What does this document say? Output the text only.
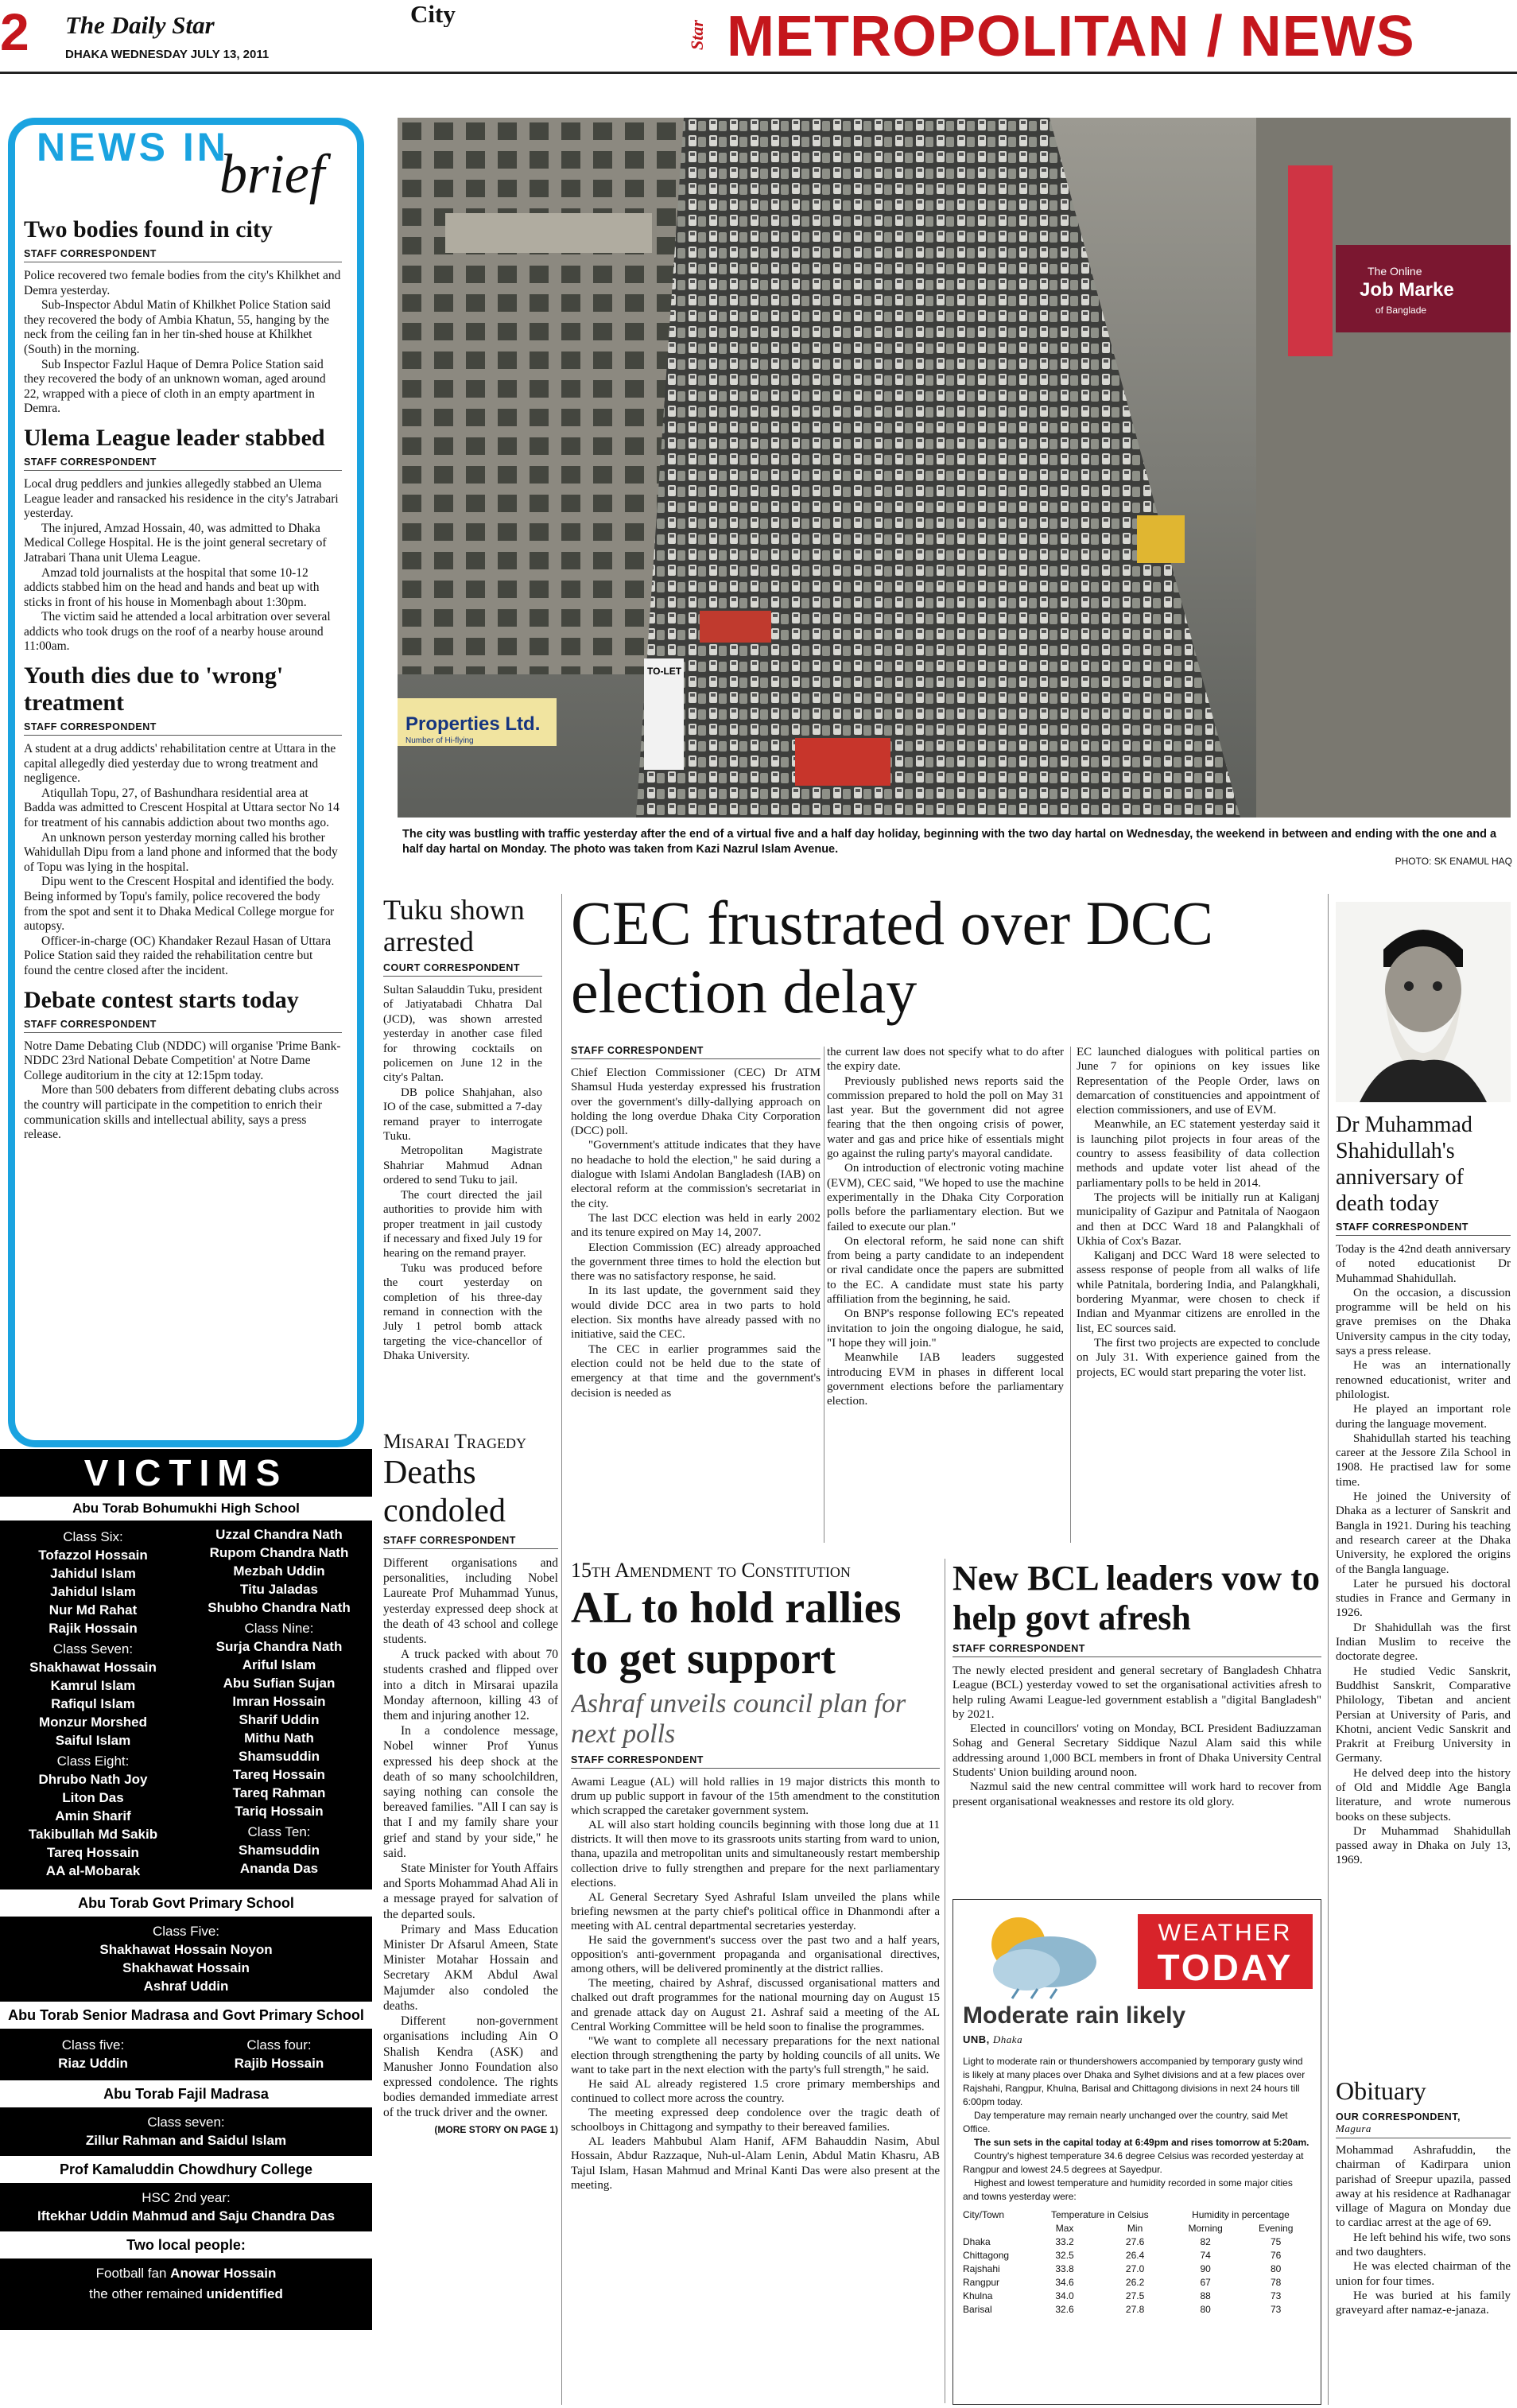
2	The Daily Star
DHAKA WEDNESDAY JULY 13, 2011
City
Star METROPOLITAN / NEWS
NEWS IN
brief
Two bodies found in city
STAFF CORRESPONDENT

Police recovered two female bodies from the city's Khilkhet and Demra yesterday.

Sub-Inspector Abdul Matin of Khilkhet Police Station said they recovered the body of Ambia Khatun, 55, hanging by the neck from the ceiling fan in her tin-shed house at Khilkhet (South) in the morning.

Sub Inspector Fazlul Haque of Demra Police Station said they recovered the body of an unknown woman, aged around 22, wrapped with a piece of cloth in an empty apartment in Demra.

Ulema League leader stabbed
STAFF CORRESPONDENT

Local drug peddlers and junkies allegedly stabbed an Ulema League leader and ransacked his residence in the city's Jatrabari yesterday.

The injured, Amzad Hossain, 40, was admitted to Dhaka Medical College Hospital. He is the joint general secretary of Jatrabari Thana unit Ulema League.

Amzad told journalists at the hospital that some 10-12 addicts stabbed him on the head and hands and beat up with sticks in front of his house in Momenbagh about 1:30pm.

The victim said he attended a local arbitration over several addicts who took drugs on the roof of a nearby house around 11:00am.

Youth dies due to 'wrong' treatment
STAFF CORRESPONDENT

A student at a drug addicts' rehabilitation centre at Uttara in the capital allegedly died yesterday due to wrong treatment and negligence.

Atiqullah Topu, 27, of Bashundhara residential area at Badda was admitted to Crescent Hospital at Uttara sector No 14 for treatment of his cannabis addiction about two months ago.

An unknown person yesterday morning called his brother Wahidullah Dipu from a land phone and informed that the body of Topu was lying in the hospital.

Dipu went to the Crescent Hospital and identified the body. Being informed by Topu's family, police recovered the body from the spot and sent it to Dhaka Medical College morgue for autopsy.

Officer-in-charge (OC) Khandaker Rezaul Hasan of Uttara Police Station said they raided the rehabilitation centre but found the centre closed after the incident.

Debate contest starts today
STAFF CORRESPONDENT

Notre Dame Debating Club (NDDC) will organise 'Prime Bank-NDDC 23rd National Debate Competition' at Notre Dame College auditorium in the city at 12:15pm today.

More than 500 debaters from different debating clubs across the country will participate in the competition to enrich their communication skills and intellectual ability, says a press release.

VICTIMS
Abu Torab Bohumukhi High School
Class Six:
Tofazzol Hossain
Jahidul Islam
Jahidul Islam
Nur Md Rahat
Rajik Hossain
Class Seven:
Shakhawat Hossain
Kamrul Islam
Rafiqul Islam
Monzur Morshed
Saiful Islam
Class Eight:
Dhrubo Nath Joy
Liton Das
Amin Sharif
Takibullah Md Sakib
Tareq Hossain
AA al-Mobarak
Uzzal Chandra Nath
Rupom Chandra Nath
Mezbah Uddin
Titu Jaladas
Shubho Chandra Nath
Class Nine:
Surja Chandra Nath
Ariful Islam
Abu Sufian Sujan
Imran Hossain
Sharif Uddin
Mithu Nath
Shamsuddin
Tareq Hossain
Tareq Rahman
Tariq Hossain
Class Ten:
Shamsuddin
Ananda Das
Abu Torab Govt Primary School
Class Five:
Shakhawat Hossain Noyon
Shakhawat Hossain
Ashraf Uddin
Abu Torab Senior Madrasa and Govt Primary School
Class five:
Riaz Uddin
Class four:
Rajib Hossain
Abu Torab Fajil Madrasa
Class seven:
Zillur Rahman and Saidul Islam
Prof Kamaluddin Chowdhury College
HSC 2nd year:
Iftekhar Uddin Mahmud and Saju Chandra Das
Two local people:
Football fan Anowar Hossain
the other remained unidentified
The Online
Job Marke
of Banglade
Properties Ltd.
Number of Hi-flying
TO-LET
The city was bustling with traffic yesterday after the end of a virtual five and a half day holiday, beginning with the two day hartal on Wednesday, the weekend in between and ending with the one and a half day hartal on Monday. The photo was taken from Kazi Nazrul Islam Avenue.
PHOTO: SK ENAMUL HAQ
Tuku shown arrested
COURT CORRESPONDENT

Sultan Salauddin Tuku, president of Jatiyatabadi Chhatra Dal (JCD), was shown arrested yesterday in another case filed for throwing cocktails on policemen on June 12 in the city's Paltan.

DB police Shahjahan, also IO of the case, submitted a 7-day remand prayer to interrogate Tuku.

Metropolitan Magistrate Shahriar Mahmud Adnan ordered to send Tuku to jail.

The court directed the jail authorities to provide him with proper treatment in jail custody if necessary and fixed July 19 for hearing on the remand prayer.

Tuku was produced before the court yesterday on completion of his three-day remand in connection with the July 1 petrol bomb attack targeting the vice-chancellor of Dhaka University.

Misarai Tragedy
Deaths condoled
STAFF CORRESPONDENT

Different organisations and personalities, including Nobel Laureate Prof Muhammad Yunus, yesterday expressed deep shock at the death of 43 school and college students.

A truck packed with about 70 students crashed and flipped over into a ditch in Mirsarai upazila Monday afternoon, killing 43 of them and injuring another 12.

In a condolence message, Nobel winner Prof Yunus expressed his deep shock at the death of so many schoolchildren, saying nothing can console the bereaved families. "All I can say is that I and my family share your grief and stand by your side," he said.

State Minister for Youth Affairs and Sports Mohammad Ahad Ali in a message prayed for salvation of the departed souls.

Primary and Mass Education Minister Dr Afsarul Ameen, State Minister Motahar Hossain and Secretary AKM Abdul Awal Majumder also condoled the deaths.

Different non-government organisations including Ain O Shalish Kendra (ASK) and Manusher Jonno Foundation also expressed condolence. The rights bodies demanded immediate arrest of the truck driver and the owner.

(MORE STORY ON PAGE 1)
CEC frustrated over DCC election delay
STAFF CORRESPONDENT

Chief Election Commissioner (CEC) Dr ATM Shamsul Huda yesterday expressed his frustration over the government's dilly-dallying approach on holding the long overdue Dhaka City Corporation (DCC) poll.

"Government's attitude indicates that they have no headache to hold the election," he said during a dialogue with Islami Andolan Bangladesh (IAB) on electoral reform at the commission's secretariat in the city.

The last DCC election was held in early 2002 and its tenure expired on May 14, 2007.

Election Commission (EC) already approached the government three times to hold the election but there was no satisfactory response, he said.

In its last update, the government said they would divide DCC area in two parts to hold election. Six months have already passed with no initiative, said the CEC.

The CEC in earlier programmes said the election could not be held due to the state of emergency at that time and the government's decision is needed as

the current law does not specify what to do after the expiry date.

Previously published news reports said the commission prepared to hold the poll on May 31 last year. But the government did not agree fearing that the then ongoing crisis of power, water and gas and price hike of essentials might go against the ruling party's mayoral candidate.

On introduction of electronic voting machine (EVM), CEC said, "We hoped to use the machine experimentally in the Dhaka City Corporation polls before the parliamentary election. But we failed to execute our plan."

On electoral reform, he said none can shift from being a party candidate to an independent or rival candidate once the papers are submitted to the EC. A candidate must state his party affiliation from the beginning, he said.

On BNP's response following EC's repeated invitation to join the ongoing dialogue, he said, "I hope they will join."

Meanwhile IAB leaders suggested introducing EVM in phases in different local government elections before the parliamentary election.

EC launched dialogues with political parties on June 7 for opinions on key issues like Representation of the People Order, laws on demarcation of constituencies and appointment of election commissioners, and use of EVM.

Meanwhile, an EC statement yesterday said it is launching pilot projects in four areas of the country to assess feasibility of data collection methods and update voter list ahead of the parliamentary polls to be held in 2014.

The projects will be initially run at Kaliganj municipality of Gazipur and Patnitala of Naogaon and then at DCC Ward 18 and Palangkhali of Ukhia of Cox's Bazar.

Kaliganj and DCC Ward 18 were selected to assess response of people from all walks of life while Patnitala, bordering India, and Palangkhali, bordering Myanmar, were chosen to check if Indian and Myanmar citizens are enrolled in the list, EC sources said.

The first two projects are expected to conclude on July 31. With experience gained from the projects, EC would start preparing the voter list.

15th Amendment to Constitution
AL to hold rallies to get support
Ashraf unveils council plan for next polls
STAFF CORRESPONDENT

Awami League (AL) will hold rallies in 19 major districts this month to drum up public support in favour of the 15th amendment to the constitution which scrapped the caretaker government system.

AL will also start holding councils beginning with those long due at 11 districts. It will then move to its grassroots units starting from ward to union, thana, upazila and metropolitan units and simultaneously restart membership collection drive to fully strengthen and prepare for the next parliamentary elections.

AL General Secretary Syed Ashraful Islam unveiled the plans while briefing newsmen at the party chief's political office in Dhanmondi after a meeting with AL central departmental secretaries yesterday.

He said the government's success over the past two and a half years, opposition's anti-government propaganda and organisational directives, among others, will be delivered prominently at the district rallies.

The meeting, chaired by Ashraf, discussed organisational matters and chalked out draft programmes for the national mourning day on August 15 and grenade attack day on August 21. Ashraf said a meeting of the AL Central Working Committee will be held soon to finalise the programmes.

"We want to complete all necessary preparations for the next national election through strengthening the party by holding councils of all units. We want to take part in the next election with the party's full strength," he said.

He said AL already registered 1.5 crore primary memberships and continued to collect more across the country.

The meeting expressed deep condolence over the tragic death of schoolboys in Chittagong and sympathy to their bereaved families.

AL leaders Mahbubul Alam Hanif, AFM Bahauddin Nasim, Abul Hossain, Abdur Razzaque, Nuh-ul-Alam Lenin, Abdul Matin Khasru, AB Tajul Islam, Hasan Mahmud and Mrinal Kanti Das were also present at the meeting.

New BCL leaders vow to help govt afresh
STAFF CORRESPONDENT

The newly elected president and general secretary of Bangladesh Chhatra League (BCL) yesterday vowed to set the organisational activities afresh to help ruling Awami League-led government establish a "digital Bangladesh" by 2021.

Elected in councillors' voting on Monday, BCL President Badiuzzaman Sohag and General Secretary Siddique Nazul Alam said this while addressing around 1,000 BCL members in front of Dhaka University Central Students' Union building around noon.

Nazmul said the new central committee will work hard to recover from present organisational weaknesses and restore its old glory.

WEATHER
TODAY
Moderate rain likely
UNB, Dhaka

Light to moderate rain or thundershowers accompanied by temporary gusty wind is likely at many places over Dhaka and Sylhet divisions and at a few places over Rajshahi, Rangpur, Khulna, Barisal and Chittagong divisions in next 24 hours till 6:00pm today.

Day temperature may remain nearly unchanged over the country, said Met Office.

The sun sets in the capital today at 6:49pm and rises tomorrow at 5:20am.

Country's highest temperature 34.6 degree Celsius was recorded yesterday at Rangpur and lowest 24.5 degrees at Sayedpur.

Highest and lowest temperature and humidity recorded in some major cities and towns yesterday were:

City/Town	Temperature in Celsius		Humidity in percentage	
	Max	Min	Morning	Evening
Dhaka	33.2	27.6	82	75
Chittagong	32.5	26.4	74	76
Rajshahi	33.8	27.0	90	80
Rangpur	34.6	26.2	67	78
Khulna	34.0	27.5	88	73
Barisal	32.6	27.8	80	73
Dr Muhammad Shahidullah's anniversary of death today
STAFF CORRESPONDENT

Today is the 42nd death anniversary of noted educationist Dr Muhammad Shahidullah.

On the occasion, a discussion programme will be held on his grave premises on the Dhaka University campus in the city today, says a press release.

He was an internationally renowned educationist, writer and philologist.

He played an important role during the language movement.

Shahidullah started his teaching career at the Jessore Zila School in 1908. He practised law for some time.

He joined the University of Dhaka as a lecturer of Sanskrit and Bangla in 1921. During his teaching and research career at the Dhaka University, he explored the origins of the Bangla language.

Later he pursued his doctoral studies in France and Germany in 1926.

Dr Shahidullah was the first Indian Muslim to receive the doctorate degree.

He studied Vedic Sanskrit, Buddhist Sanskrit, Comparative Philology, Tibetan and ancient Persian at University of Paris, and Khotni, ancient Vedic Sanskrit and Prakrit at Freiburg University in Germany.

He delved deep into the history of Old and Middle Age Bangla literature, and wrote numerous books on these subjects.

Dr Muhammad Shahidullah passed away in Dhaka on July 13, 1969.

Obituary
OUR CORRESPONDENT,
Magura

Mohammad Ashrafuddin, the chairman of Kadirpara union parishad of Sreepur upazila, passed away at his residence at Radhanagar village of Magura on Monday due to cardiac arrest at the age of 69.

He left behind his wife, two sons and two daughters.

He was elected chairman of the union for four times.

He was buried at his family graveyard after namaz-e-janaza.
